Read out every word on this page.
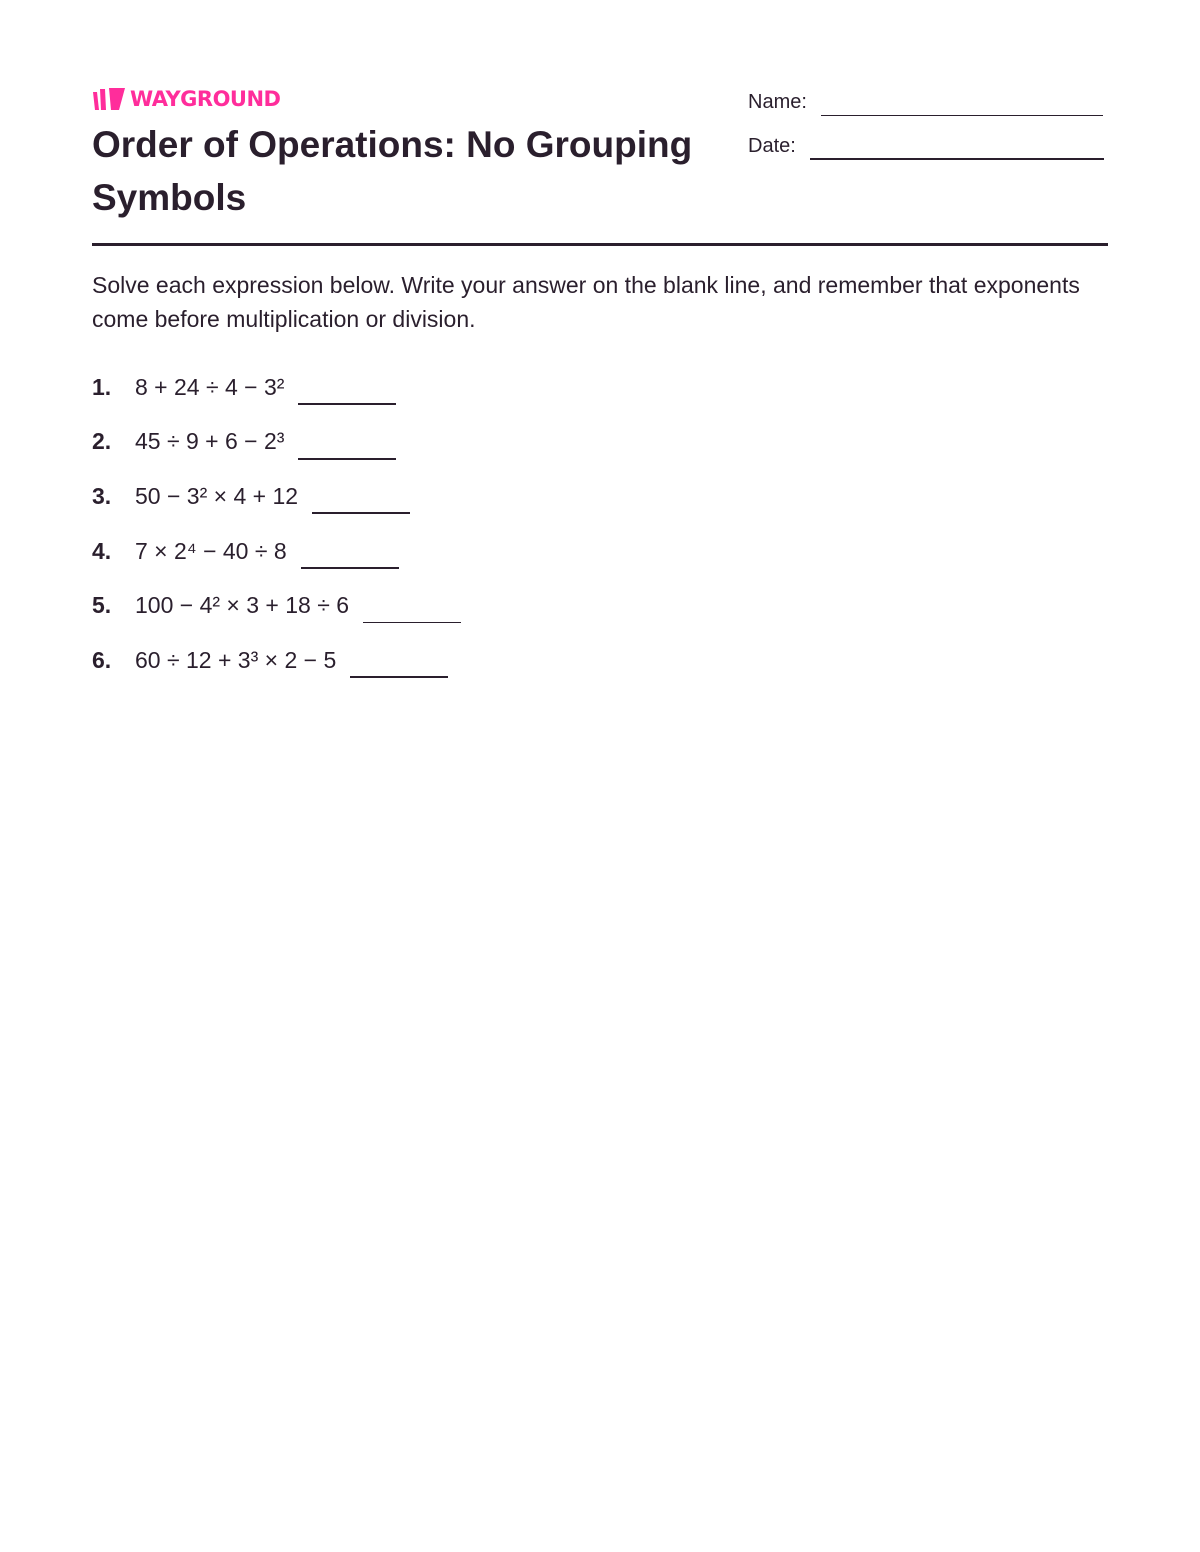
WAYGROUND
Order of Operations: No Grouping Symbols
Name:
Date:

Solve each expression below. Write your answer on the blank line, and remember that exponents come before multiplication or division.

1.	8 + 24 ÷ 4 − 3²
2.	45 ÷ 9 + 6 − 2³
3.	50 − 3² × 4 + 12
4.	7 × 2⁴ − 40 ÷ 8
5.	100 − 4² × 3 + 18 ÷ 6
6.	60 ÷ 12 + 3³ × 2 − 5
